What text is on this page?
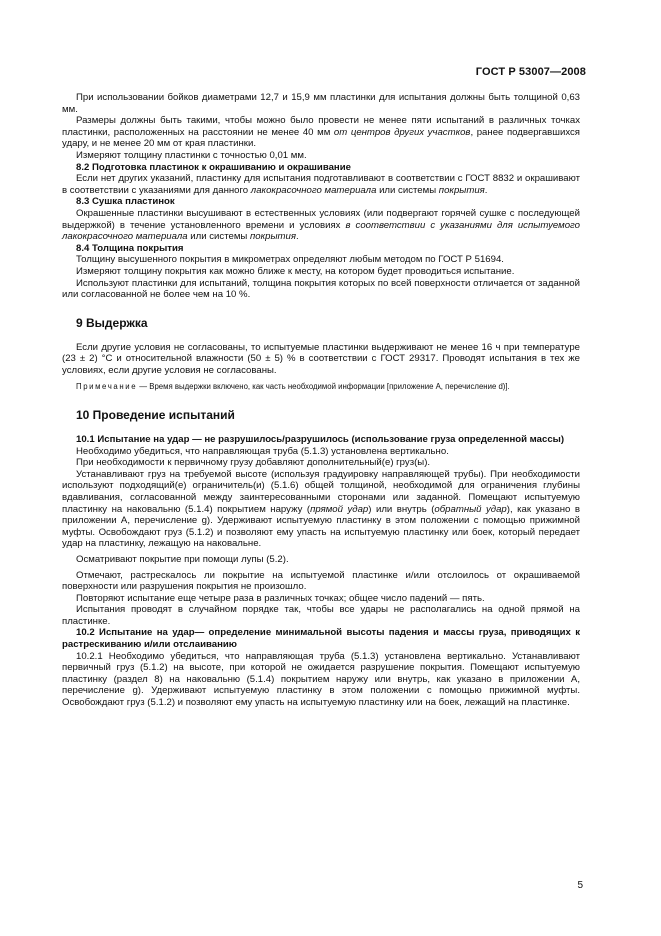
ГОСТ Р 53007—2008

При использовании бойков диаметрами 12,7 и 15,9 мм пластинки для испытания должны быть толщиной 0,63 мм.

Размеры должны быть такими, чтобы можно было провести не менее пяти испытаний в различных точках пластинки, расположенных на расстоянии не менее 40 мм от центров других участков, ранее подвергавшихся удару, и не менее 20 мм от края пластинки.

Измеряют толщину пластинки с точностью 0,01 мм.

8.2 Подготовка пластинок к окрашиванию и окрашивание

Если нет других указаний, пластинку для испытания подготавливают в соответствии с ГОСТ 8832 и окрашивают в соответствии с указаниями для данного лакокрасочного материала или системы покрытия.

8.3 Сушка пластинок

Окрашенные пластинки высушивают в естественных условиях (или подвергают горячей сушке с последующей выдержкой) в течение установленного времени и условиях в соответствии с указаниями для испытуемого лакокрасочного материала или системы покрытия.

8.4 Толщина покрытия

Толщину высушенного покрытия в микрометрах определяют любым методом по ГОСТ Р 51694.

Измеряют толщину покрытия как можно ближе к месту, на котором будет проводиться испытание.

Используют пластинки для испытаний, толщина покрытия которых по всей поверхности отличается от заданной или согласованной не более чем на 10 %.

9 Выдержка

Если другие условия не согласованы, то испытуемые пластинки выдерживают не менее 16 ч при температуре (23 ± 2) °С и относительной влажности (50 ± 5) % в соответствии с ГОСТ 29317. Проводят испытания в тех же условиях, если другие условия не согласованы.

Примечание — Время выдержки включено, как часть необходимой информации [приложение А, перечисление d)].

10 Проведение испытаний

10.1 Испытание на удар — не разрушилось/разрушилось (использование груза определенной массы)

Необходимо убедиться, что направляющая труба (5.1.3) установлена вертикально.

При необходимости к первичному грузу добавляют дополнительный(е) груз(ы).

Устанавливают груз на требуемой высоте (используя градуировку направляющей трубы). При необходимости используют подходящий(е) ограничитель(и) (5.1.6) общей толщиной, необходимой для ограничения глубины вдавливания, согласованной между заинтересованными сторонами или заданной. Помещают испытуемую пластинку на наковальню (5.1.4) покрытием наружу (прямой удар) или внутрь (обратный удар), как указано в приложении А, перечисление g). Удерживают испытуемую пластинку в этом положении с помощью прижимной муфты. Освобождают груз (5.1.2) и позволяют ему упасть на испытуемую пластинку или боек, который передает удар на пластинку, лежащую на наковальне.

Осматривают покрытие при помощи лупы (5.2).

Отмечают, растрескалось ли покрытие на испытуемой пластинке и/или отслоилось от окрашиваемой поверхности или разрушения покрытия не произошло.

Повторяют испытание еще четыре раза в различных точках; общее число падений — пять.

Испытания проводят в случайном порядке так, чтобы все удары не располагались на одной прямой на пластинке.

10.2 Испытание на удар— определение минимальной высоты падения и массы груза, приводящих к растрескиванию и/или отслаиванию

10.2.1 Необходимо убедиться, что направляющая труба (5.1.3) установлена вертикально. Устанавливают первичный груз (5.1.2) на высоте, при которой не ожидается разрушение покрытия. Помещают испытуемую пластинку (раздел 8) на наковальню (5.1.4) покрытием наружу или внутрь, как указано в приложении А, перечисление g). Удерживают испытуемую пластинку в этом положении с помощью прижимной муфты. Освобождают груз (5.1.2) и позволяют ему упасть на испытуемую пластинку или на боек, лежащий на пластинке.

5
